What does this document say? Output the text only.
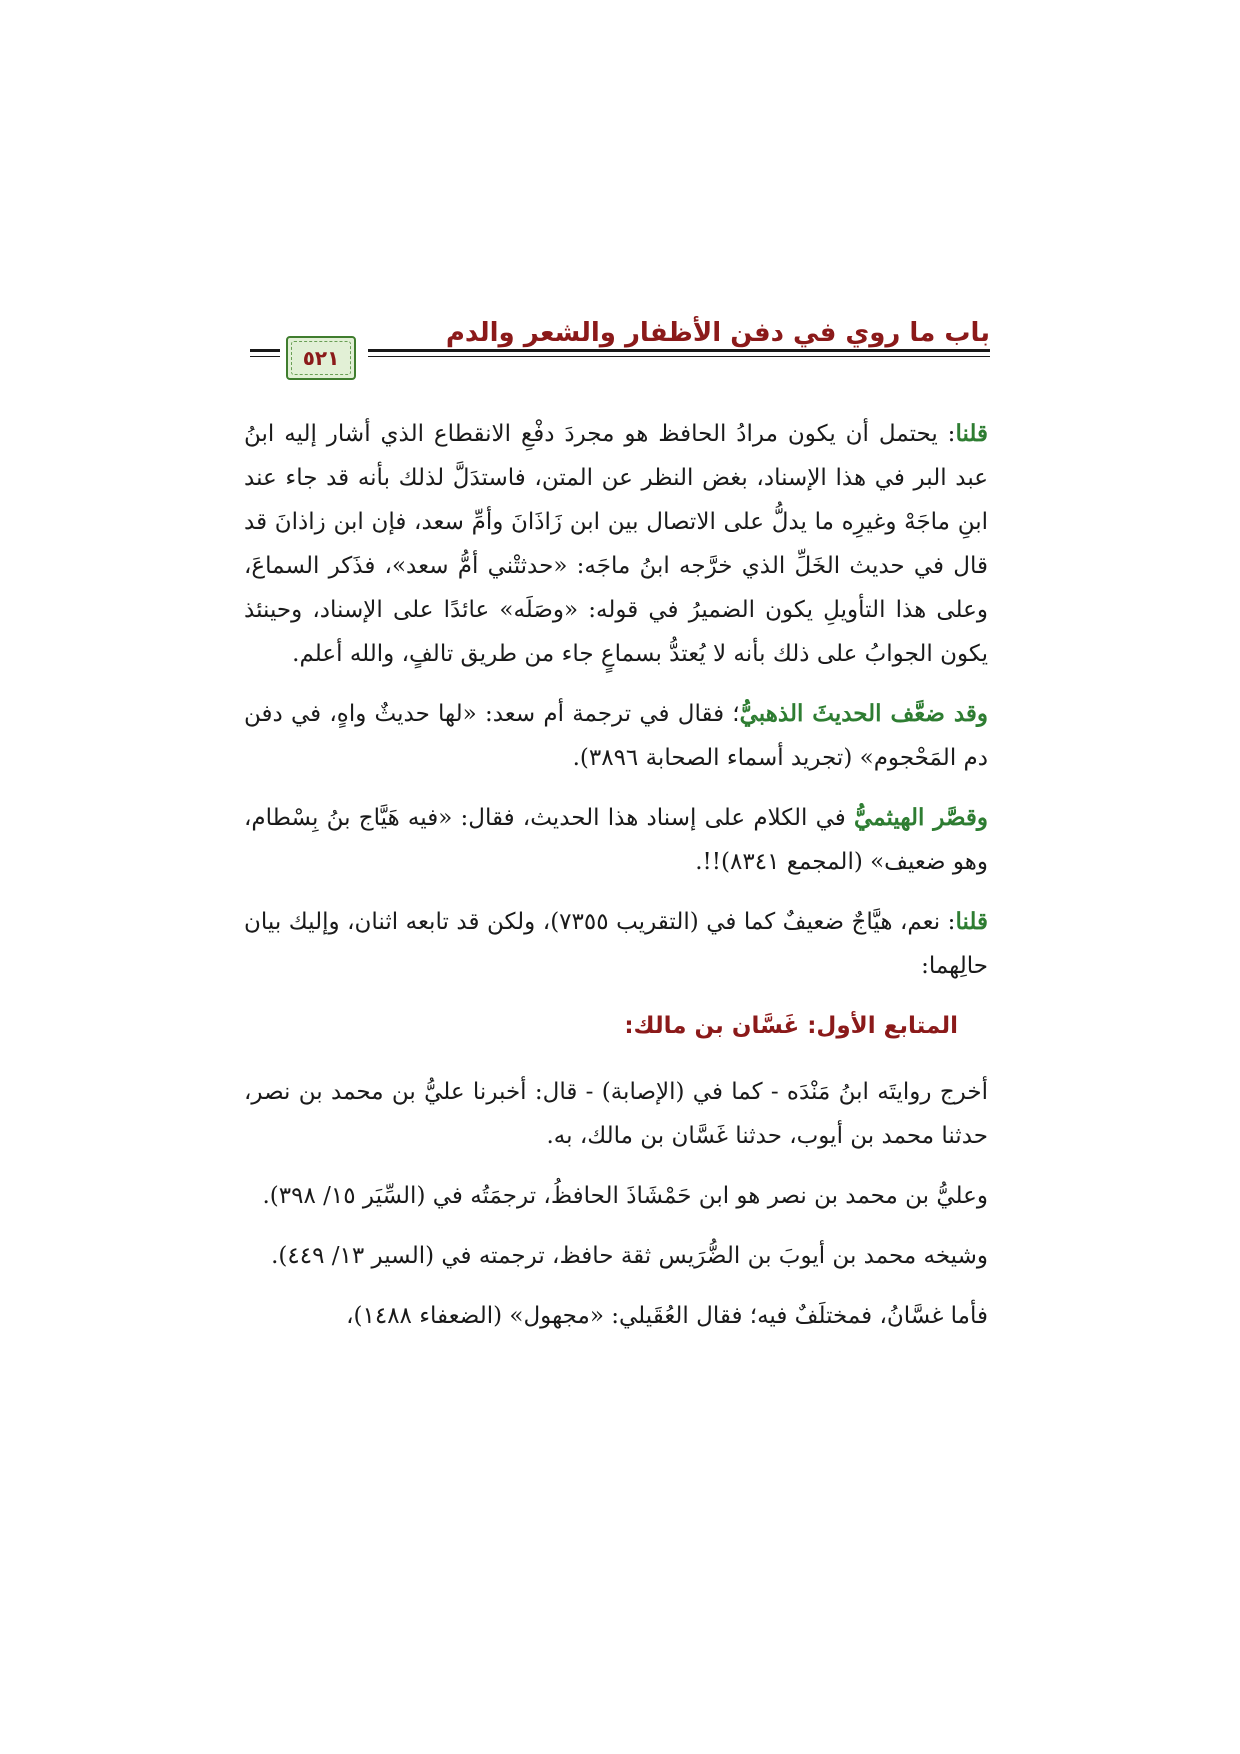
باب ما روي في دفن الأظفار والشعر والدم
٥٢١

قلنا: يحتمل أن يكون مرادُ الحافظ هو مجردَ دفْعِ الانقطاع الذي أشار إليه ابنُ عبد البر في هذا الإسناد، بغض النظر عن المتن، فاستدَلَّ لذلك بأنه قد جاء عند ابنِ ماجَهْ وغيرِه ما يدلُّ على الاتصال بين ابن زَاذَانَ وأمِّ سعد، فإن ابن زاذانَ قد قال في حديث الخَلِّ الذي خرَّجه ابنُ ماجَه: «حدثتْني أمُّ سعد»، فذَكر السماعَ، وعلى هذا التأويلِ يكون الضميرُ في قوله: «وصَلَه» عائدًا على الإسناد، وحينئذ يكون الجوابُ على ذلك بأنه لا يُعتدُّ بسماعٍ جاء من طريق تالفٍ، والله أعلم.

وقد ضعَّف الحديثَ الذهبيُّ؛ فقال في ترجمة أم سعد: «لها حديثٌ واهٍ، في دفن دم المَحْجوم» (تجريد أسماء الصحابة ٣٨٩٦).

وقصَّر الهيثميُّ في الكلام على إسناد هذا الحديث، فقال: «فيه هَيَّاج بنُ بِسْطام، وهو ضعيف» (المجمع ٨٣٤١)!!.

قلنا: نعم، هيَّاجٌ ضعيفٌ كما في (التقريب ٧٣٥٥)، ولكن قد تابعه اثنان، وإليك بيان حالِهما:

المتابع الأول: غَسَّان بن مالك:

أخرج روايتَه ابنُ مَنْدَه - كما في (الإصابة) - قال: أخبرنا عليُّ بن محمد بن نصر، حدثنا محمد بن أيوب، حدثنا غَسَّان بن مالك، به.

وعليُّ بن محمد بن نصر هو ابن حَمْشَاذَ الحافظُ، ترجمَتُه في (السِّيَر ١٥/ ٣٩٨).

وشيخه محمد بن أيوبَ بن الضُّرَيس ثقة حافظ، ترجمته في (السير ١٣/ ٤٤٩).

فأما غسَّانُ، فمختلَفٌ فيه؛ فقال العُقَيلي: «مجهول» (الضعفاء ١٤٨٨)،
